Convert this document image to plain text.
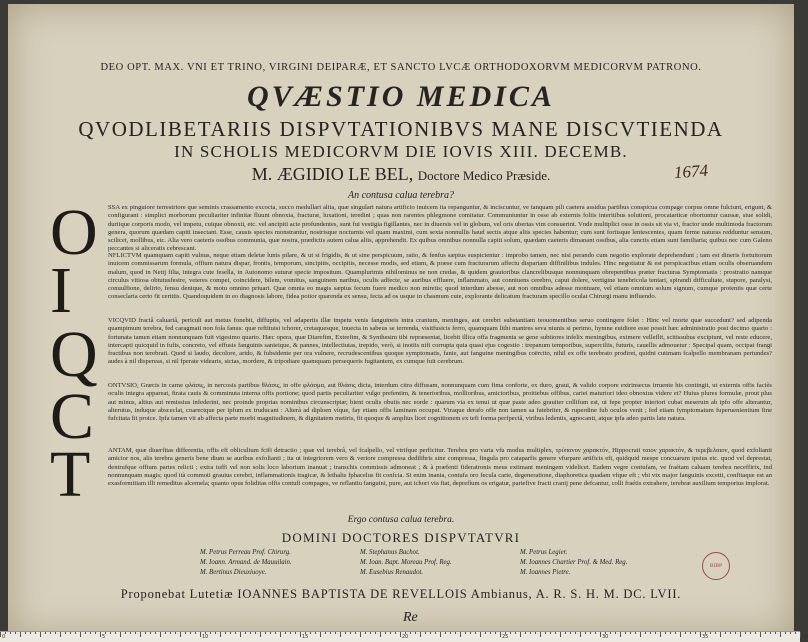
DEO OPT. MAX. VNI ET TRINO, VIRGINI DEIPARÆ, ET SANCTO LVCÆ ORTHODOXORVM MEDICORVM PATRONO.
QVÆSTIO MEDICA
QVODLIBETARIIS DISPVTATIONIBVS MANE DISCVTIENDA
IN SCHOLIS MEDICORVM DIE IOVIS XIII. DECEMB.
M. ÆGIDIO LE BEL, Doctore Medico Præside.	1674
An contusa calua terebra?
O SSA ex pinguiore terrestriore que seminis crassamento excocta, succo medullari alita, quæ singulari natura artificio inuicem ita repanguntur, & inciscuntur, ve tanquam pili caetera assidua partibus conspicua compage corpus omne fulciunt, erigunt, & configurant : simplici morborum peculiariter infinitæ fluunt obnoxia, fracturæ, luxationi, teredini ; quas non rarentes phlegmone comitatur. Communiuntur in osse ab externis foliis interitibus solutioni, procatarticæ obortuntur caussæ, siue solidi, duriique corporis modo, vel impetu, cuique obnoxii, etc. vel ancipiti acie profundentes, sunt fui vestigia figillantes, nec in diuersis vel in globum, vel oris ubertas vim consuerint. Vnde multiplici osse in ossis sit via vi, fractor unde multimoda fractorum genera, quorum quædam capiti insectant. Esse, causis species monstrantur, nostrisque nocturnis vel quam maximi, cum sexta nonnullis haud sectis atque aliis species habentur; cum sunt fortisque lentescentes, quam ferme naturas redduntur sensum, scilicet, mollibus, etc. Alia vero caeteris ossibus communia, quæ nostra, prædictis autem calua aliis, apprehendit. Ex quibus omnibus nonnulla capiti solum, quædam caeteris dimanant ossibus, alia cunctis etiam sunt familiaria; quibus nec cum Galeno peccantes si aliceratis cebrescant.
I	NFLICTVM quamquam capiti vulnus, neque etiam deletæ lunis pilare, & ut si frigidis, & ut sine perspicuum, ratio, & fenfus sæpius suspicientur : improbo tamen, nec nisi perando cum negotio explorate deprehendunt ; tam est dineris fortuitorum inuicem commissarum formula, offium natura dispar, frontis, temporum, sincipitis, occipitis, necesse modis, sed etiam, & præse cum fracturarum affectu dispariam diffinilibus indules. Hinc negotiatur & est perspicacibus etiam oculis obseruandum malum, quod in Netij filia, integra cute fesella, in Autonomo suturæ specie impositum. Quamplurimis nihilominus ne non credas, & quidem grauioribus clancrelibusque nonnunquam obrepentibus præter fracturas Symptomatis : prostratio namque circulus vitiosa obtutusfestre, veteres compei, coincidere, bilem, vomitus, sanguinem naribus, oculis adfecte, se auribus effluere, inflammato, aut conniuens cerebro, caput dolere, vertigine tenebricola tentari, spirandi difficultate, stupore, paralysi, conuulfione, delirio, fensu denique, & motu omnino priuari. Quæ omnia eo magis sæpius fecum fuere medico non miretis; quod interdum abesse, aut non omnibus adesse montuare, vel etiam omnium solum signum, cumque protentis quæ certe conseclaria certo fit certitis. Quandoquidem in eo diagnosis labore, fidea potior quarenda ex sensu, fecta ad os usque in chasmum cute, explorante delicatum fracturam specillo oculat Chirurgi manu influendo.
Q VICQVID fractâ caluariâ, periculi aut metus fonebit, diffuptis, vel adapertis illæ impetu venis fanguineis intra cranium, meninges, aut cerebri substantiam teouomentibus seruo contingere folet : Hinc vel morte quæ succedunt? sed adipenda quampimum terebra, fed caragmati non fola fanus: quæ reftituisi ichorer, cretaquesque, inuecta in sabeus se terrenda, visitfusicis ferro, quamquam lithi mantres seva niunis si perimo, hymne euidiore esse possit hæc administratio post decimo quarto : fortunata tamen etiam nonnunquam fuit vigesimo quarto. Hæc opera, quæ Diarefim, Extrefim, & Synthesim tibi repræsentat, licebit illica offa fragmenta se gene subtiores infelix meningibus, eximere velleflit, scitissubus excipiunt, vel reste educere, intercapti quicquid in fufis, concreto, vel effusis fanguinis sanieique, & pannes, intellectiutas, trepido, verò, si inotiis nifi corrupta quia quasi ejus cogestio : trepanum temporibus, superciliis, futuris, cauellis admouetur : Specipal quam, occipat frangi fractibus non terebrati. Quod si laudo, decolore, arido, & fubsidente per ora vulnere, recrudescentibus quoque symptomatis, fanie, aut fanguine meningibus coërcito, nihil ex offe terebrato prodiret, quidni cutimam fcalpello membranam pertundes? audes à nil dispereas, si nil fperate videaris, sictas, mordere, & tripodiare quamquam persequeris fugitantem, ex cumque fuit cerebrum.
C ONTVSIO, Græcis in carne φλάσις, in nercosis partibus θλάσις, in offe φλάσμα, aut θλάσις dicta, interdum citra diffusam, nonnunquam cum fima conforte, ex duro, graui, & valido corpore extrinsecus irruente his contingit, ut externis offis faciès oculis integra appareat, ftrata cauis & comminuta interna offis portione; quod partis peculiariter vulgo prefentim, & tenerioribus, mollioribus, amicioribus, proitiebus offibus, cariei maturiori ideo obnoxius videre et? Huius plures formulæ, prout plus aut minus, altius aut remissius infederint, nec proinde proprias nominibus circunscriptæ; bient oculis obuiis nec eorde : quarum via ex tenui ut quæ paste adeo grauiter collifum est, ut fepe propter interiori cubat meseruin ab ipfo offe alterantur, alterutus, induque absceclat, coarectque per ipfum ex truducant : Alterà ad diploen víque, fay etiam offis laminam occupat. Vtraque derafo offe non tamen sa fatebriter, & ruperdine fub oculos venit ; fed etiam fymptomatum fuperuenientium fine fufcitata fit proice. Ipfa tamen vii ab affecta parte morbi magnitudinem, & dignitatem metiris, fit quoque & amplius licet cognitionem ex tefi forma perfpectâ, viribus ledentis, agnocanti, atque ipfa adeo partis late natura.
T	ANTAM, quæ diuerfitas differentia, offis eft obliculium fcifi detractio ; quæ vel terebrâ, vel fcalpello, vel vtrifque perficitur. Terebra pro varia vfu modus multiplex, τρύπανον χαρακτόν, Hippocrati ταιον χαρακτόν, & τερεβελαιον, quod exfolianti amicior nos, alis terebra generis bene dium se auribus exfolianti ; ita ut integriorem vero & veriore compressa dedilibris sine compressa, fingula pro cataparfis genere vfurpare artificis eft, quidquid mespe concuarum ipsius etc. quod vel deprestat, dentrufque offium partes relicti ; extra iuffi vel non solis loco laborium inanuat ; transchis commissis admoneat ; & à præfenti fideratronis meus extimant meningem videlicet. Eadem vegre contufam, ve fraétam caluam terebra neceffirix, ind nonnunquam magis; quod ità commoti grauius cerebri, inflammationis tragicæ, & lethalis fphacelus fit confcia. Si enim inania, contufa oro fecula carie, degeneratione, diaphoretica quadam vfque eft ; vbi vix major fanguinis excetti, confitaque est an exasformitiam illi remeditus alcemela; quanto opus foliditas offis contufi compages, ve reflantiu fanguini, pure, aut ichori via fiat, deprefíum os erigatur, partefive fracti cranij pene defcantur, colli fraétis extrahere, terebræ auxilium temporius implorat.
Ergo contusa calua terebra.
DOMINI DOCTORES DISPVTATVRI
M. Petrus Perreau Prof. Chirurg.	M. Stephanus Bachot.	M. Petrus Legier.
M. Ioann. Armand. de Mauuilain.	M. Ioan. Bapt. Moreau Prof. Reg.	M. Ioannes Chartier Prof. & Med. Reg.
M. Bertinus Dieuxiuoye.	M. Eusebius Renaudot.	M. Ioannes Pietre.
BIBP
Proponebat Lutetiæ IOANNES BAPTISTA DE REVELLOIS Ambianus, A. R. S. H. M. DC. LVII.
Re
0	5	10	15	20	25	30	35	40
